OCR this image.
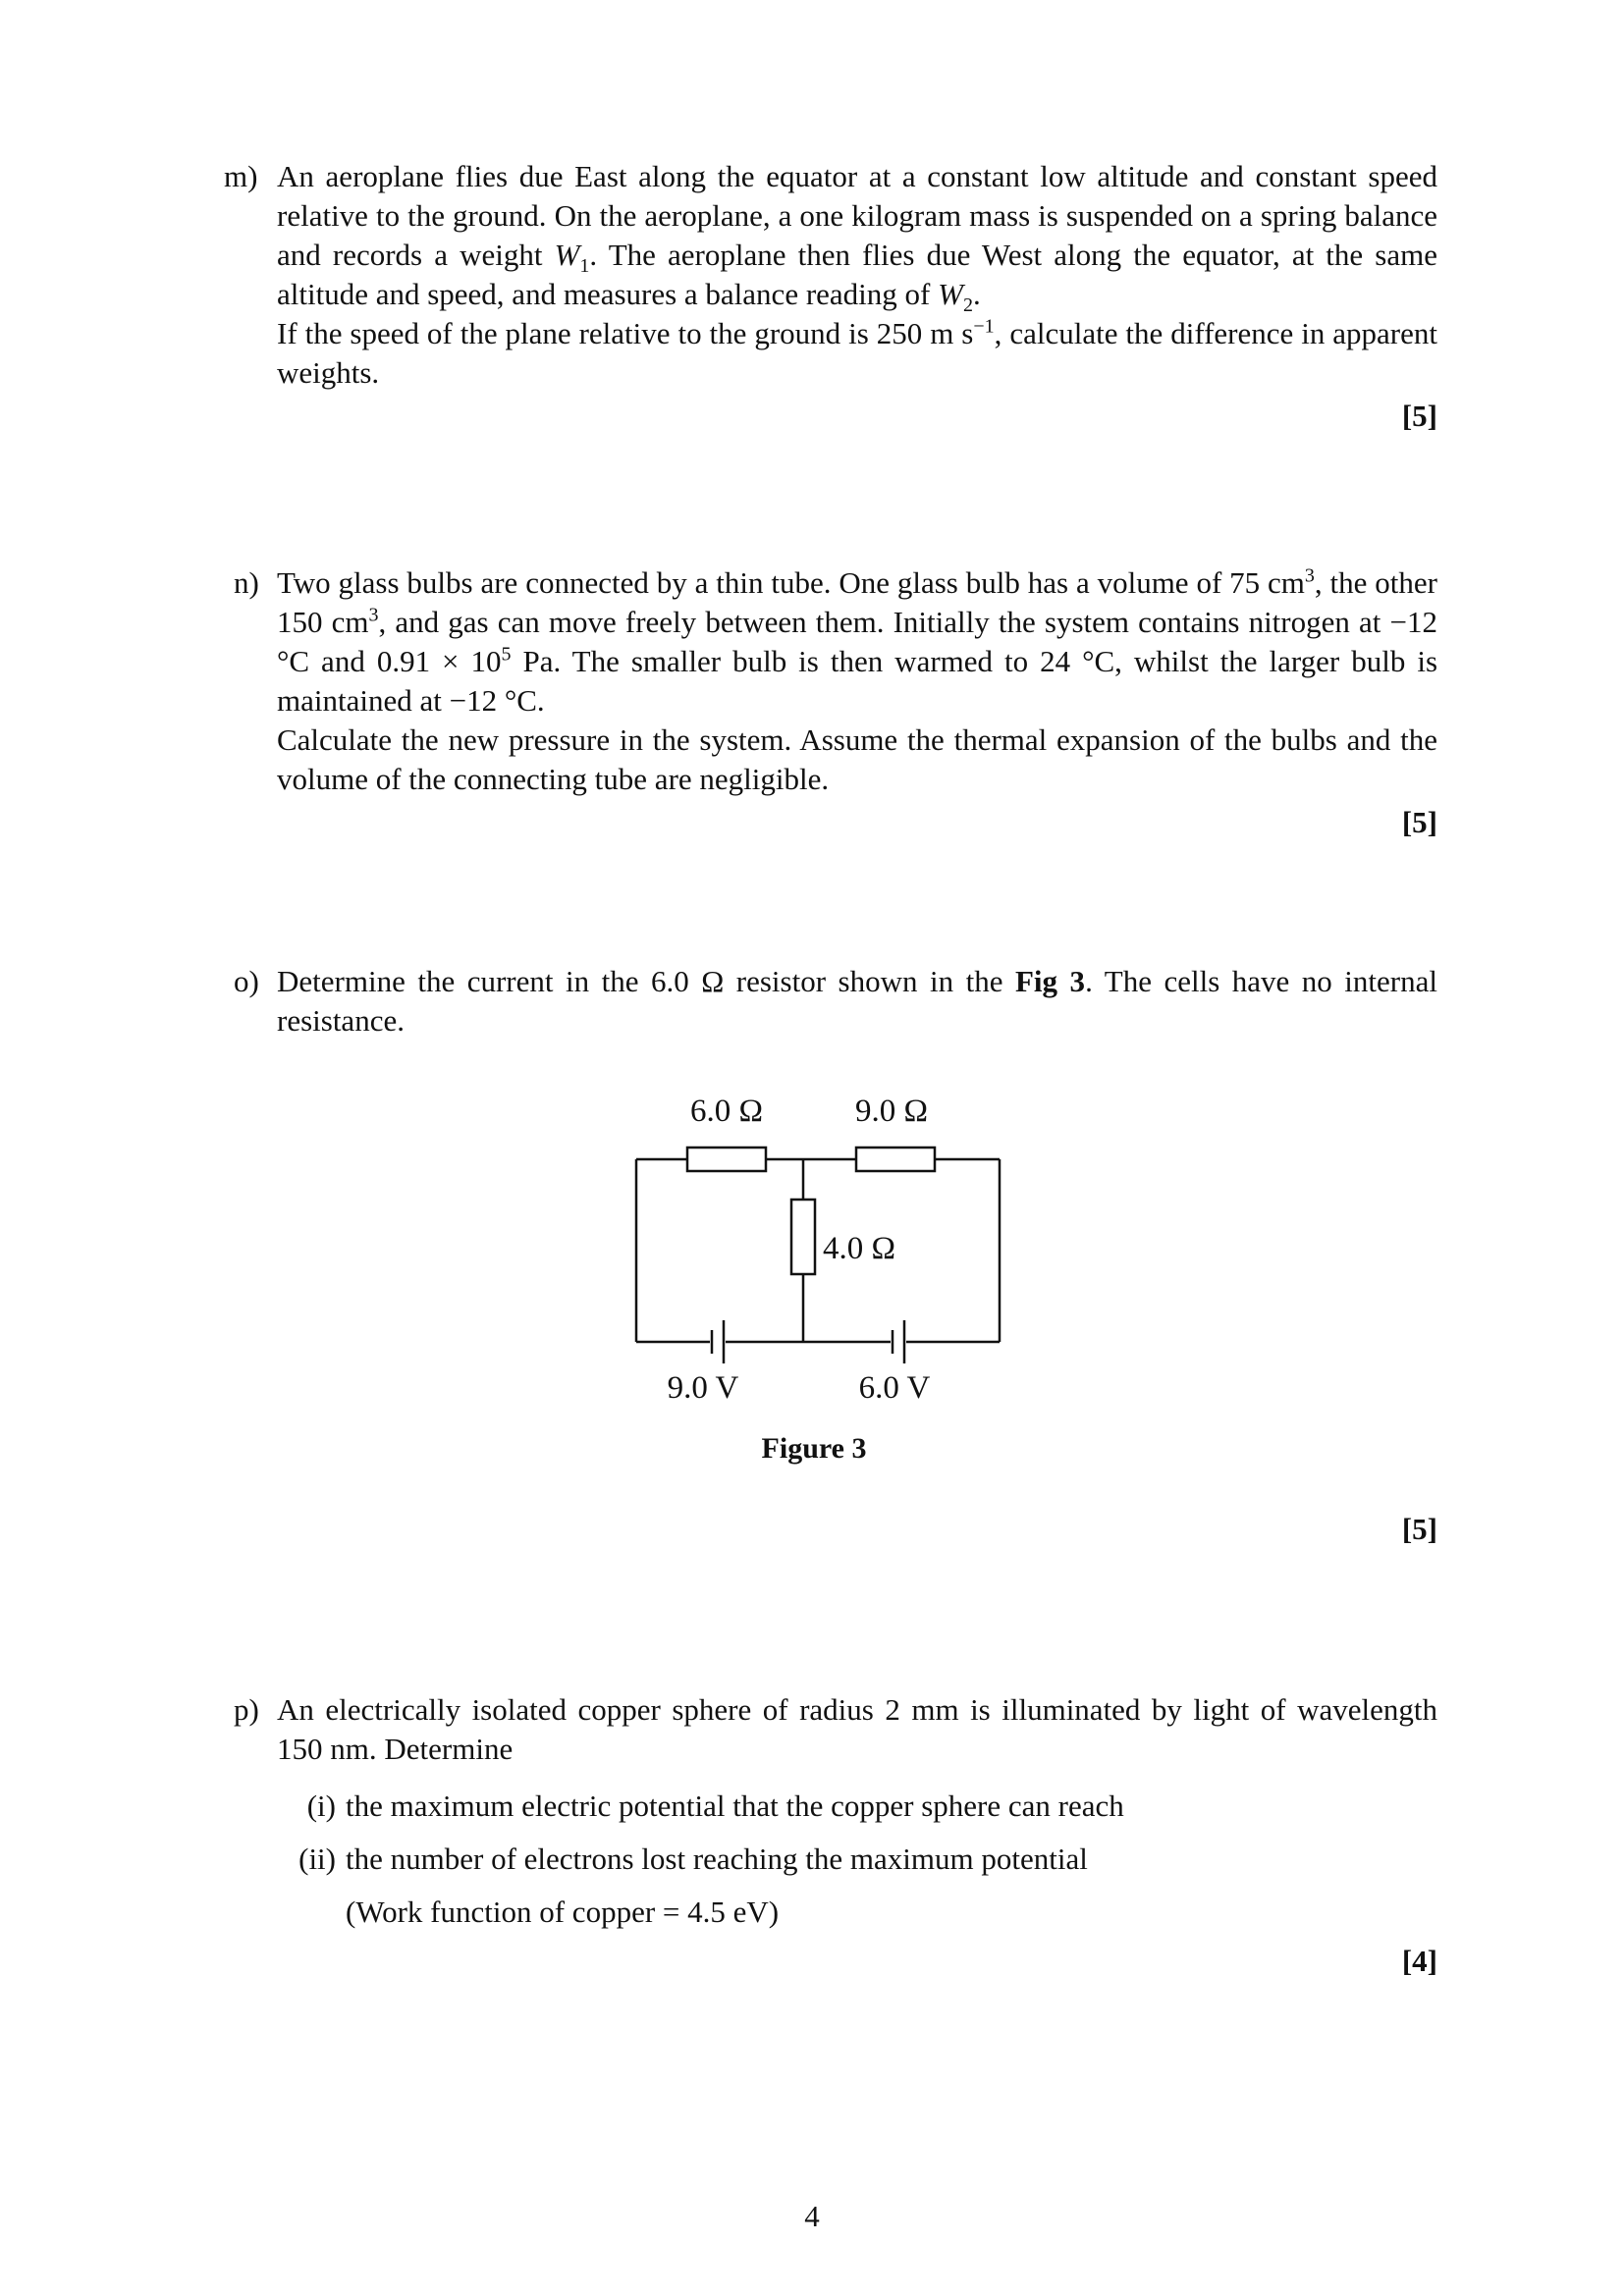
m) An aeroplane flies due East along the equator at a constant low altitude and constant speed relative to the ground. On the aeroplane, a one kilogram mass is suspended on a spring balance and records a weight $W_1$. The aeroplane then flies due West along the equator, at the same altitude and speed, and measures a balance reading of $W_2$.

If the speed of the plane relative to the ground is 250 m $s^{-1}$, calculate the difference in apparent weights.

[5]
n) Two glass bulbs are connected by a thin tube. One glass bulb has a volume of 75 $cm^3$, the other 150 $cm^3$, and gas can move freely between them. Initially the system contains nitrogen at −12 °C and $0.91 \times 10^5$ Pa. The smaller bulb is then warmed to 24 °C, whilst the larger bulb is maintained at −12 °C.

Calculate the new pressure in the system. Assume the thermal expansion of the bulbs and the volume of the connecting tube are negligible.

[5]
o) Determine the current in the 6.0 Ω resistor shown in the Fig 3. The cells have no internal resistance.

[5]
6.0 Ω	9.0 Ω
4.0 Ω
9.0 V	6.0 V
Figure 3
p) An electrically isolated copper sphere of radius 2 mm is illuminated by light of wavelength 150 nm. Determine

(i) the maximum electric potential that the copper sphere can reach
(ii) the number of electrons lost reaching the maximum potential
(Work function of copper = 4.5 eV)
[4]
4
